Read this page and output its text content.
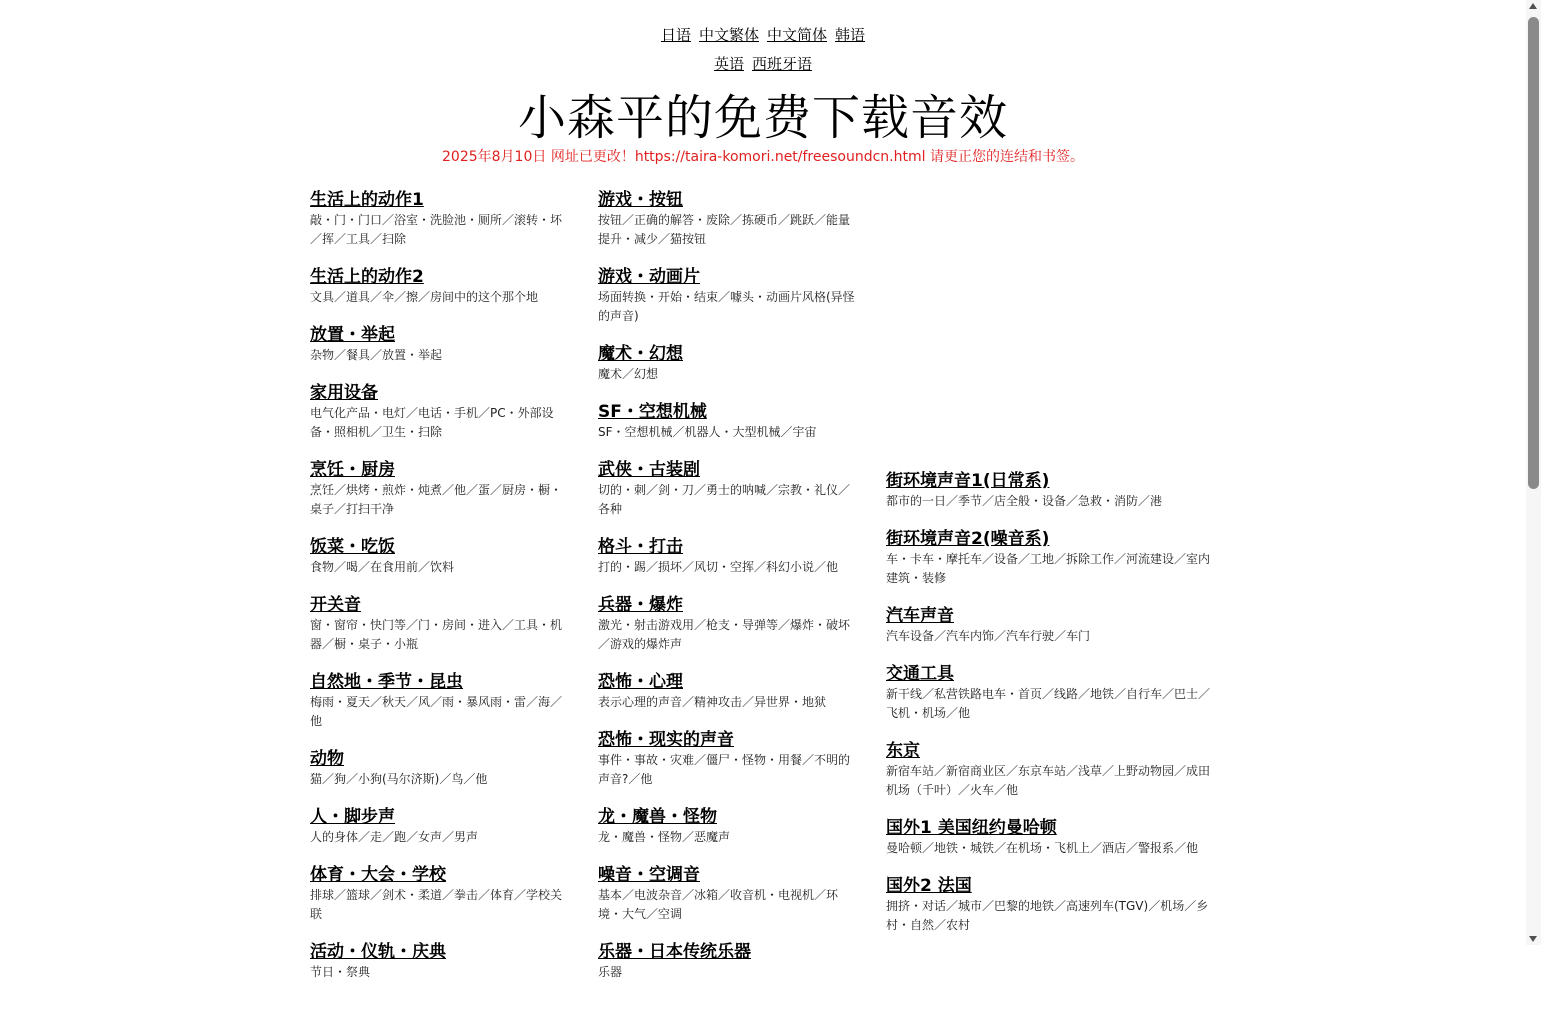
日语 中文繁体 中文简体 韩语
英语 西班牙语
小森平的免费下载音效
2025年8月10日 网址已更改！https://taira-komori.net/freesoundcn.html 请更正您的连结和书签。
生活上的动作1
敲・门・门口／浴室・洗脸池・厕所／滚转・坏／挥／工具／扫除
生活上的动作2
文具／道具／伞／擦／房间中的这个那个地
放置・举起
杂物／餐具／放置・举起
家用设备
电气化产品・电灯／电话・手机／PC・外部设备・照相机／卫生・扫除
烹饪・厨房
烹饪／烘烤・煎炸・炖煮／他／蛋／厨房・橱・桌子／打扫干净
饭菜・吃饭
食物／喝／在食用前／饮料
开关音
窗・窗帘・快门等／门・房间・进入／工具・机器／橱・桌子・小瓶
自然地・季节・昆虫
梅雨・夏天／秋天／风／雨・暴风雨・雷／海／他
动物
猫／狗／小狗(马尔济斯)／鸟／他
人・脚步声
人的身体／走／跑／女声／男声
体育・大会・学校
排球／篮球／剑术・柔道／拳击／体育／学校关联
活动・仪轨・庆典
节日・祭典
游戏・按钮
按钮／正确的解答・废除／拣硬币／跳跃／能量提升・减少／猫按钮
游戏・动画片
场面转换・开始・结束／噱头・动画片风格(异怪的声音)
魔术・幻想
魔术／幻想
SF・空想机械
SF・空想机械／机器人・大型机械／宇宙
武侠・古装剧
切的・刺／剑・刀／勇士的呐喊／宗教・礼仪／各种
格斗・打击
打的・踢／损坏／风切・空挥／科幻小说／他
兵器・爆炸
激光・射击游戏用／枪支・导弹等／爆炸・破坏／游戏的爆炸声
恐怖・心理
表示心理的声音／精神攻击／异世界・地狱
恐怖・现实的声音
事件・事故・灾难／僵尸・怪物・用餐／不明的声音?／他
龙・魔兽・怪物
龙・魔兽・怪物／恶魔声
噪音・空调音
基本／电波杂音／冰箱／收音机・电视机／环境・大气／空调
乐器・日本传统乐器
乐器
街环境声音1(日常系)
都市的一日／季节／店全般・设备／急救・消防／港
街环境声音2(噪音系)
车・卡车・摩托车／设备／工地／拆除工作／河流建设／室内建筑・装修
汽车声音
汽车设备／汽车内饰／汽车行驶／车门
交通工具
新干线／私营铁路电车・首页／线路／地铁／自行车／巴士／飞机・机场／他
东京
新宿车站／新宿商业区／东京车站／浅草／上野动物园／成田机场（千叶）／火车／他
国外1 美国纽约曼哈顿
曼哈顿／地铁・城铁／在机场・飞机上／酒店／警报系／他
国外2 法国
拥挤・对话／城市／巴黎的地铁／高速列车(TGV)／机场／乡村・自然／农村
